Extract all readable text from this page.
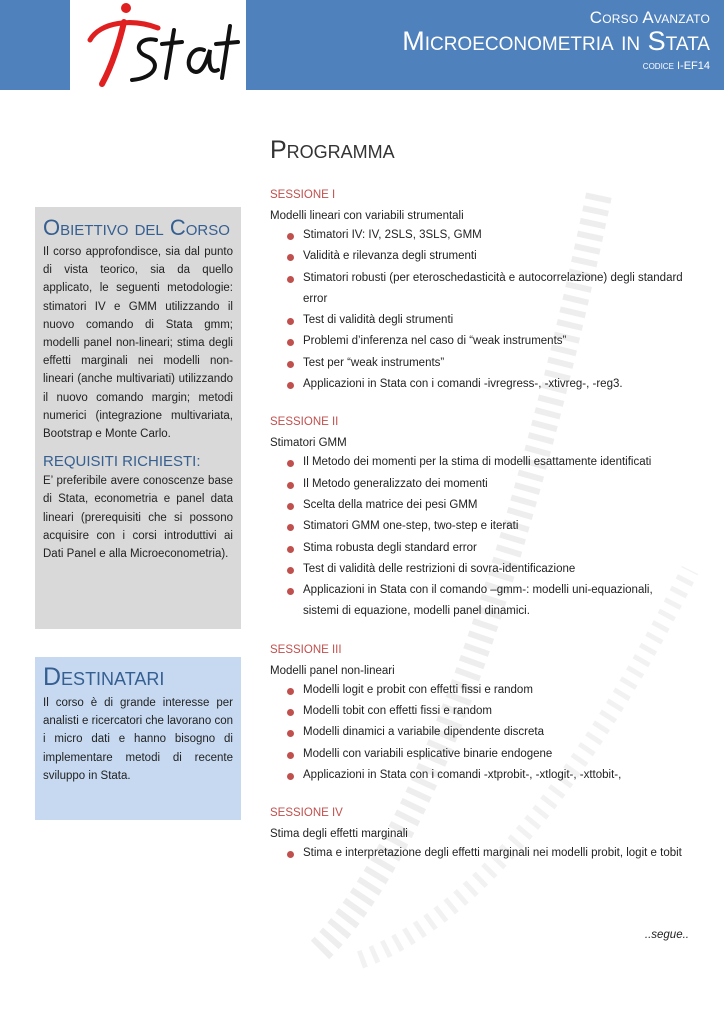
Corso Avanzato
Microeconometria in Stata
codice I-EF14
Programma
Obiettivo del Corso

Il corso approfondisce, sia dal punto di vista teorico, sia da quello applicato, le seguenti metodologie: stimatori IV e GMM utilizzando il nuovo comando di Stata gmm; modelli panel non-lineari; stima degli effetti marginali nei modelli non-lineari (anche multivariati) utilizzando il nuovo comando margin; metodi numerici (integrazione multivariata, Bootstrap e Monte Carlo.

REQUISITI RICHIESTI:

E’ preferibile avere conoscenze base di Stata, econometria e panel data lineari (prerequisiti che si possono acquisire con i corsi introduttivi ai Dati Panel e alla Microeconometria).

Destinatari

Il corso è di grande interesse per analisti e ricercatori che lavorano con i micro dati e hanno bisogno di implementare metodi di recente sviluppo in Stata.

SESSIONE I
Modelli lineari con variabili strumentali
Stimatori IV: IV, 2SLS, 3SLS, GMM
Validità e rilevanza degli strumenti
Stimatori robusti (per eteroschedasticità e autocorrelazione) degli standard error
Test di validità degli strumenti
Problemi d’inferenza nel caso di “weak instruments”
Test per “weak instruments”
Applicazioni in Stata con i comandi -ivregress-, -xtivreg-, -reg3.
SESSIONE II
Stimatori GMM
Il Metodo dei momenti per la stima di modelli esattamente identificati
Il Metodo generalizzato dei momenti
Scelta della matrice dei pesi GMM
Stimatori GMM one-step, two-step e iterati
Stima robusta degli standard error
Test di validità delle restrizioni di sovra-identificazione
Applicazioni in Stata con il comando –gmm-: modelli uni-equazionali, sistemi di equazione, modelli panel dinamici.
SESSIONE III
Modelli panel non-lineari
Modelli logit e probit con effetti fissi e random
Modelli tobit con effetti fissi e random
Modelli dinamici a variabile dipendente discreta
Modelli con variabili esplicative binarie endogene
Applicazioni in Stata con i comandi -xtprobit-, -xtlogit-, -xttobit-,
SESSIONE IV
Stima degli effetti marginali
Stima e interpretazione degli effetti marginali nei modelli probit, logit e tobit
..segue..
